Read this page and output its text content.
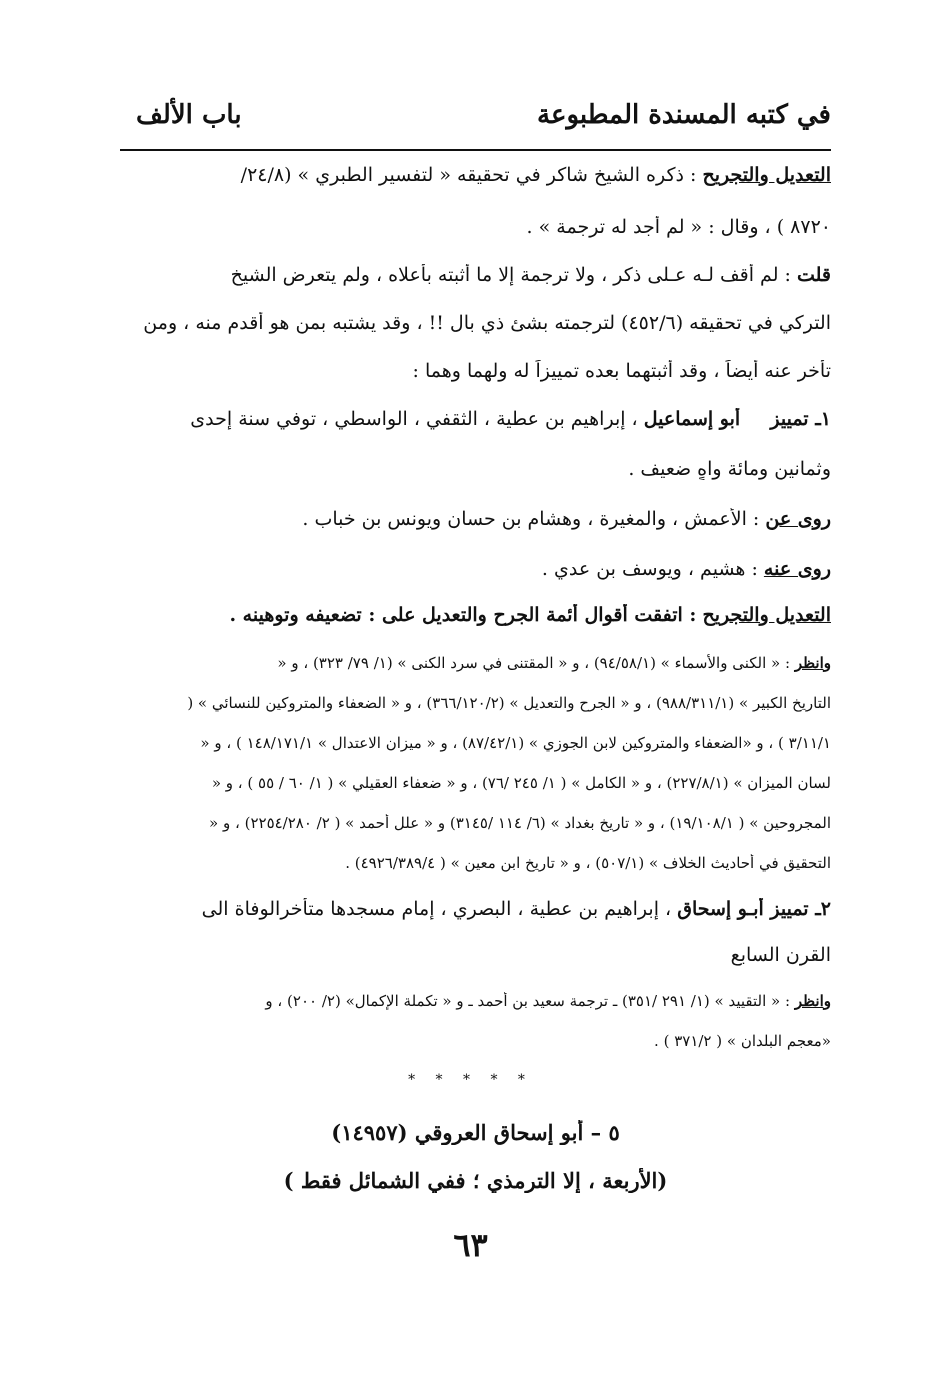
في كتبه المسندة المطبوعة
باب الألف
التعديل والتجريح : ذكره الشيخ شاكر في تحقيقه « لتفسير الطبري » (٢٤/٨/
٨٧٢٠ ) ، وقال : « لم أجد له ترجمة » .
قلت : لم أقف لـه عـلى ذكر ، ولا ترجمة إلا ما أثبته بأعلاه ، ولم يتعرض الشيخ
التركي في تحقيقه (٤٥٢/٦) لترجمته بشئ ذي بال !! ، وقد يشتبه بمن هو أقدم منه ، ومن
تأخر عنه أيضاً ، وقد أثبتهما بعده تمييزاً له ولهما وهما :
١ـ تمييز     أبو إسماعيل ، إبراهيم بن عطية ، الثقفي ، الواسطي ، توفي سنة إحدى
وثمانين ومائة واهٍ ضعيف .
روى عن : الأعمش ، والمغيرة ، وهشام بن حسان ويونس بن خباب .
روى عنه : هشيم ، ويوسف بن عدي .
التعديل والتجريح : اتفقت أقوال أئمة الجرح والتعديل على : تضعيفه وتوهينه .
وانظر : « الكنى والأسماء » (٩٤/٥٨/١) ، و « المقتنى في سرد الكنى » (١/ ٧٩/ ٣٢٣) ، و «
التاريخ الكبير » (٩٨٨/٣١١/١) ، و « الجرح والتعديل » (٣٦٦/١٢٠/٢) ، و « الضعفاء والمتروكين للنسائي » (
٣/١١/١ ) ، و «الضعفاء والمتروكين لابن الجوزي » (٨٧/٤٢/١) ، و « ميزان الاعتدال » ١٤٨/١٧١/١ ) ، و «
لسان الميزان » (٢٢٧/٨/١) ، و « الكامل » ( ١/ ٢٤٥ /٧٦) ، و « ضعفاء العقيلي » ( ١/ ٦٠ / ٥٥ ) ، و «
المجروحين » ( ١٩/١٠٨/١) ، و « تاريخ بغداد » (٦/ ١١٤ /٣١٤٥) و « علل أحمد » ( ٢/ ٢٢٥٤/٢٨٠) ، و «
التحقيق في أحاديث الخلاف » (٥٠٧/١) ، و « تاريخ ابن معين » ( ٤٩٢٦/٣٨٩/٤) .
٢ـ تمييز أبـو إسحاق ، إبراهيم بن عطية ، البصري ، إمام مسجدها متأخرالوفاة الى
القرن السابع
وانظر : « التقييد » (١/ ٢٩١ /٣٥١) ـ ترجمة سعيد بن أحمد ـ و « تكملة الإكمال» (٢/ ٢٠٠) ، و
«معجم البلدان » ( ٣٧١/٢ ) .
* * * * *
٥ – أبو إسحاق العروقي (١٤٩٥٧)
(الأربعة ، إلا الترمذي ؛ ففي الشمائل فقط )
٦٣
